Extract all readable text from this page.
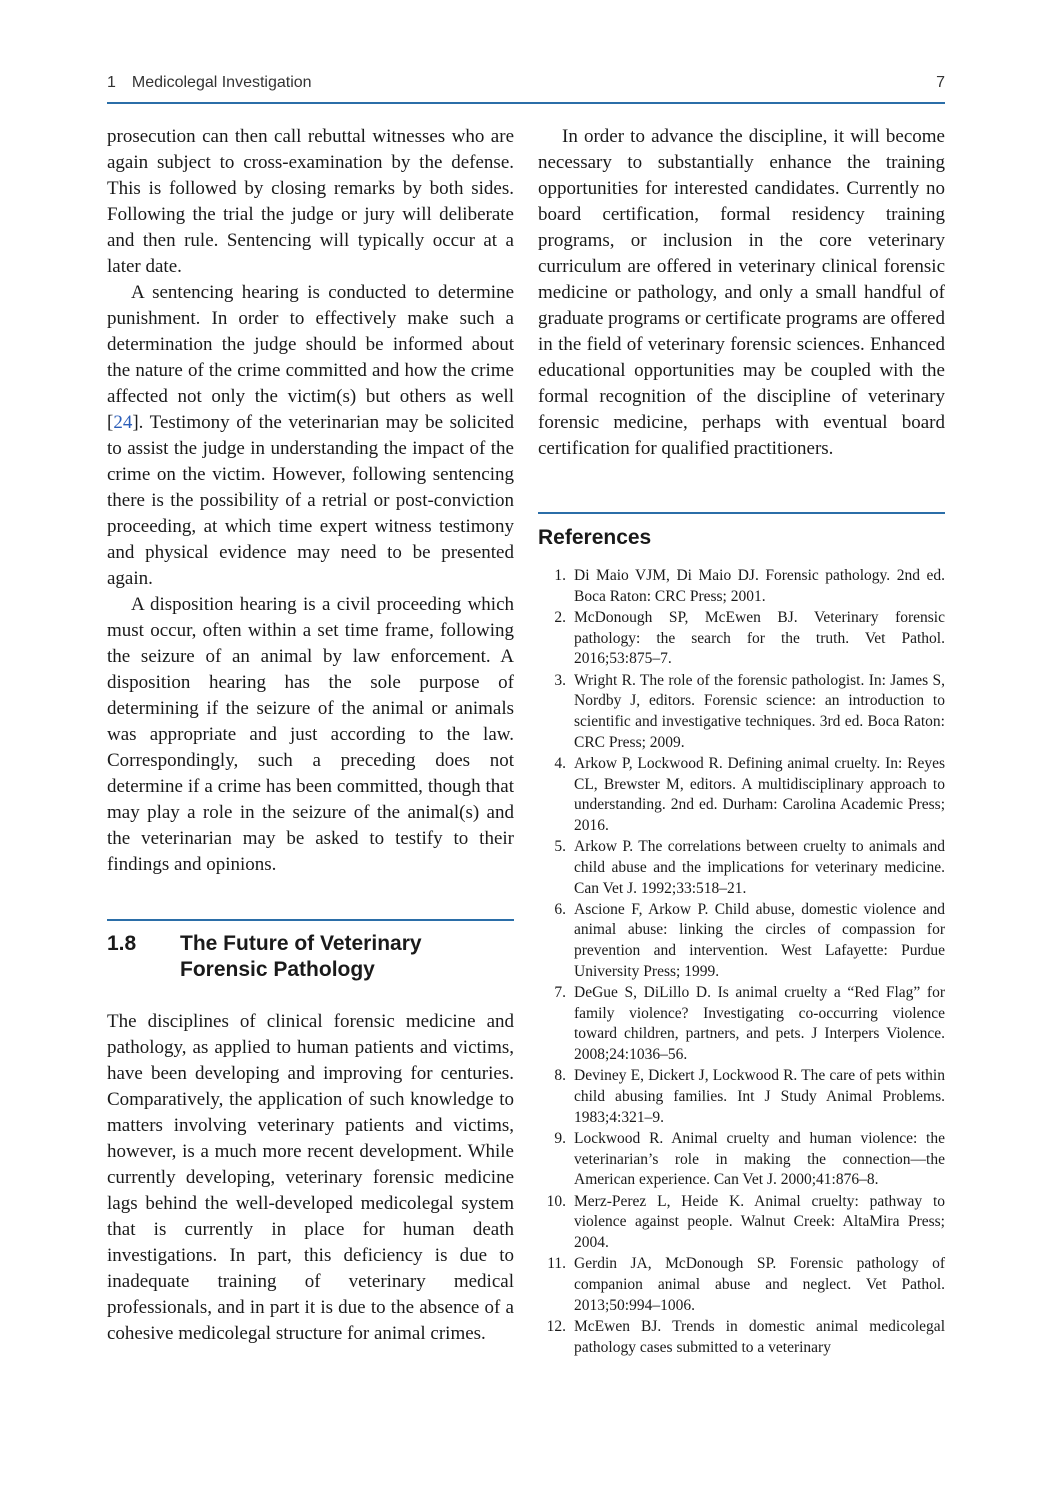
1 Medicolegal Investigation	7

prosecution can then call rebuttal witnesses who are again subject to cross-examination by the defense. This is followed by closing remarks by both sides. Following the trial the judge or jury will deliberate and then rule. Sentencing will typically occur at a later date.

A sentencing hearing is conducted to determine punishment. In order to effectively make such a determination the judge should be informed about the nature of the crime committed and how the crime affected not only the victim(s) but others as well [24]. Testimony of the veterinarian may be solicited to assist the judge in understanding the impact of the crime on the victim. However, following sentencing there is the possibility of a retrial or post-conviction proceeding, at which time expert witness testimony and physical evidence may need to be presented again.

A disposition hearing is a civil proceeding which must occur, often within a set time frame, following the seizure of an animal by law enforcement. A disposition hearing has the sole purpose of determining if the seizure of the animal or animals was appropriate and just according to the law. Correspondingly, such a preceding does not determine if a crime has been committed, though that may play a role in the seizure of the animal(s) and the veterinarian may be asked to testify to their findings and opinions.

1.8	The Future of Veterinary Forensic Pathology

The disciplines of clinical forensic medicine and pathology, as applied to human patients and victims, have been developing and improving for centuries. Comparatively, the application of such knowledge to matters involving veterinary patients and victims, however, is a much more recent development. While currently developing, veterinary forensic medicine lags behind the well-developed medicolegal system that is currently in place for human death investigations. In part, this deficiency is due to inadequate training of veterinary medical professionals, and in part it is due to the absence of a cohesive medicolegal structure for animal crimes.

In order to advance the discipline, it will become necessary to substantially enhance the training opportunities for interested candidates. Currently no board certification, formal residency training programs, or inclusion in the core veterinary curriculum are offered in veterinary clinical forensic medicine or pathology, and only a small handful of graduate programs or certificate programs are offered in the field of veterinary forensic sciences. Enhanced educational opportunities may be coupled with the formal recognition of the discipline of veterinary forensic medicine, perhaps with eventual board certification for qualified practitioners.

References
1. Di Maio VJM, Di Maio DJ. Forensic pathology. 2nd ed. Boca Raton: CRC Press; 2001.
2. McDonough SP, McEwen BJ. Veterinary forensic pathology: the search for the truth. Vet Pathol. 2016;53:875–7.
3. Wright R. The role of the forensic pathologist. In: James S, Nordby J, editors. Forensic science: an introduction to scientific and investigative techniques. 3rd ed. Boca Raton: CRC Press; 2009.
4. Arkow P, Lockwood R. Defining animal cruelty. In: Reyes CL, Brewster M, editors. A multidisciplinary approach to understanding. 2nd ed. Durham: Carolina Academic Press; 2016.
5. Arkow P. The correlations between cruelty to animals and child abuse and the implications for veterinary medicine. Can Vet J. 1992;33:518–21.
6. Ascione F, Arkow P. Child abuse, domestic violence and animal abuse: linking the circles of compassion for prevention and intervention. West Lafayette: Purdue University Press; 1999.
7. DeGue S, DiLillo D. Is animal cruelty a “Red Flag” for family violence? Investigating co-occurring violence toward children, partners, and pets. J Interpers Violence. 2008;24:1036–56.
8. Deviney E, Dickert J, Lockwood R. The care of pets within child abusing families. Int J Study Animal Problems. 1983;4:321–9.
9. Lockwood R. Animal cruelty and human violence: the veterinarian’s role in making the connection—the American experience. Can Vet J. 2000;41:876–8.
10. Merz-Perez L, Heide K. Animal cruelty: pathway to violence against people. Walnut Creek: AltaMira Press; 2004.
11. Gerdin JA, McDonough SP. Forensic pathology of companion animal abuse and neglect. Vet Pathol. 2013;50:994–1006.
12. McEwen BJ. Trends in domestic animal medicolegal pathology cases submitted to a veterinary
